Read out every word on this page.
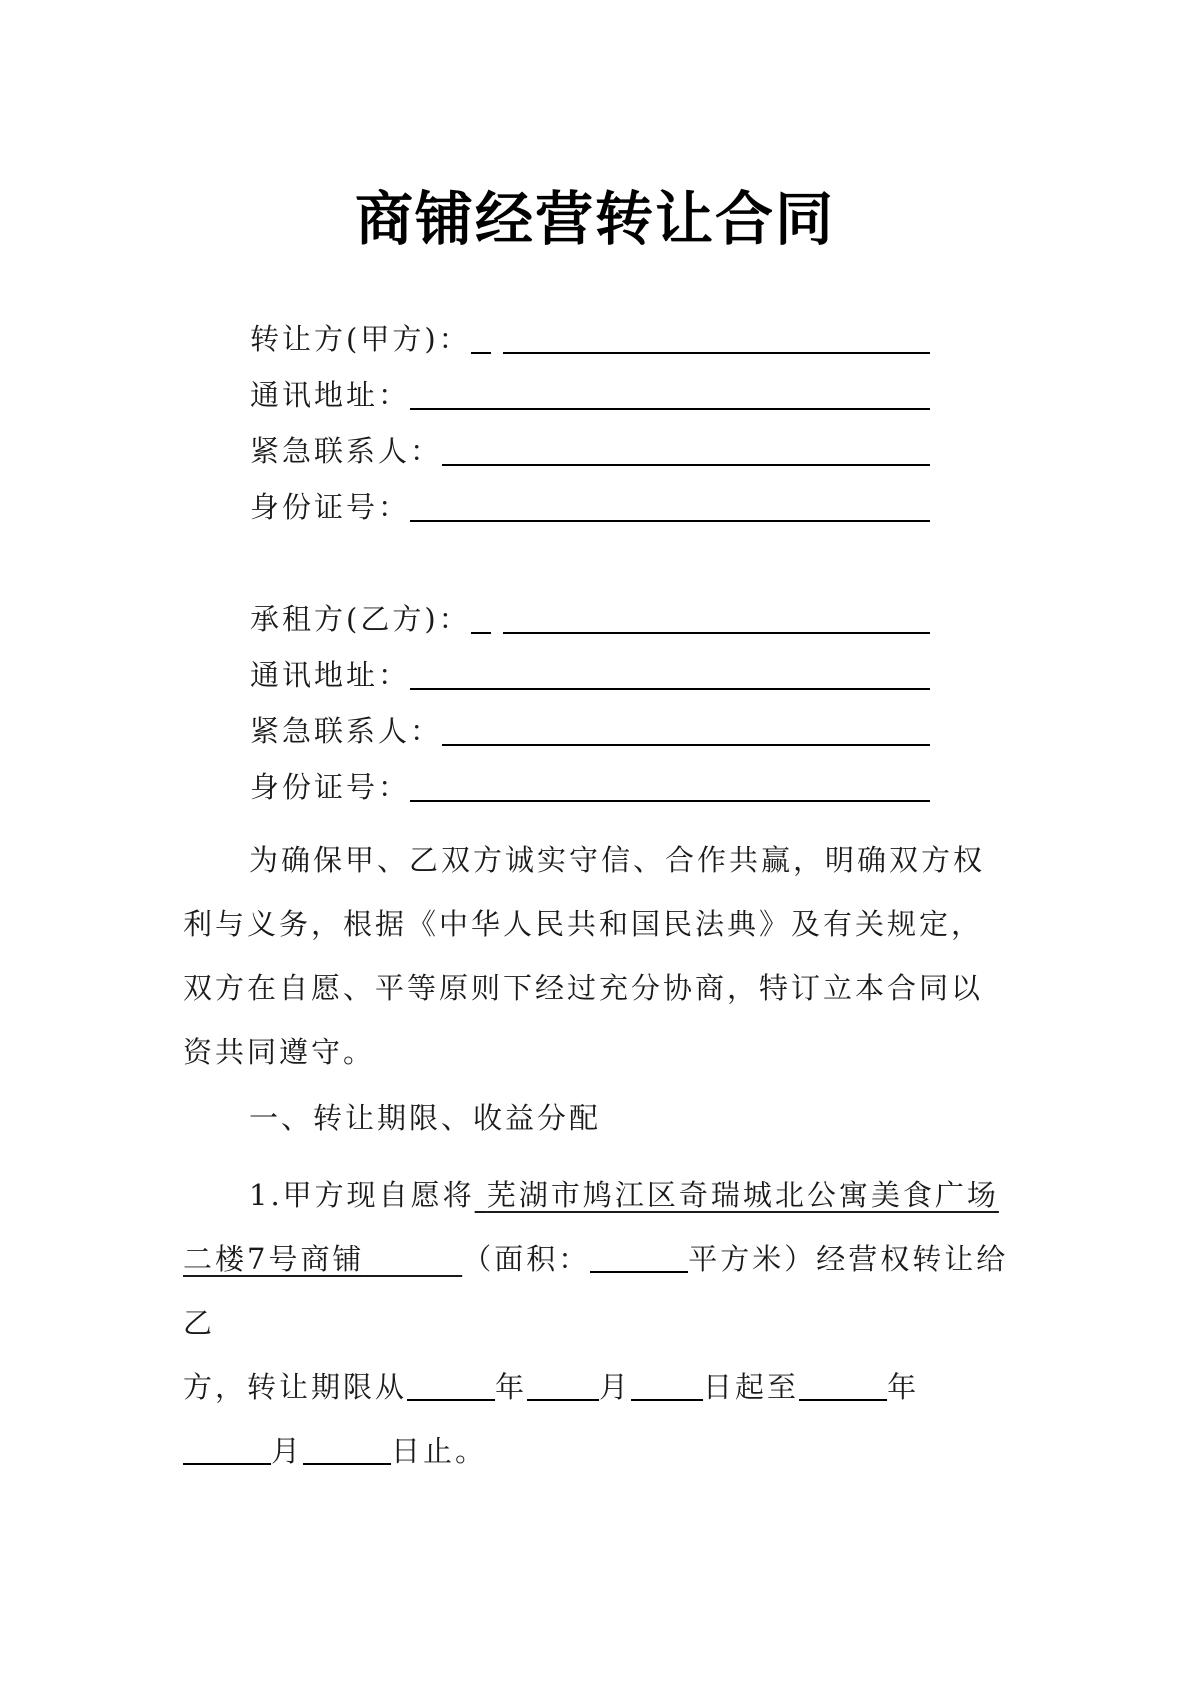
商铺经营转让合同
转让方(甲方)：
通讯地址：
紧急联系人：
身份证号：
承租方(乙方)：
通讯地址：
紧急联系人：
身份证号：
为确保甲、乙双方诚实守信、合作共赢，明确双方权
利与义务，根据《中华人民共和国民法典》及有关规定，
双方在自愿、平等原则下经过充分协商，特订立本合同以
资共同遵守。
一、转让期限、收益分配
1.甲方现自愿将 芜湖市鸠江区奇瑞城北公寓美食广场
二楼7号商铺	（面积：	平方米）经营权转让给乙
方，转让期限从	年 月 日起至	年
月	日止。
